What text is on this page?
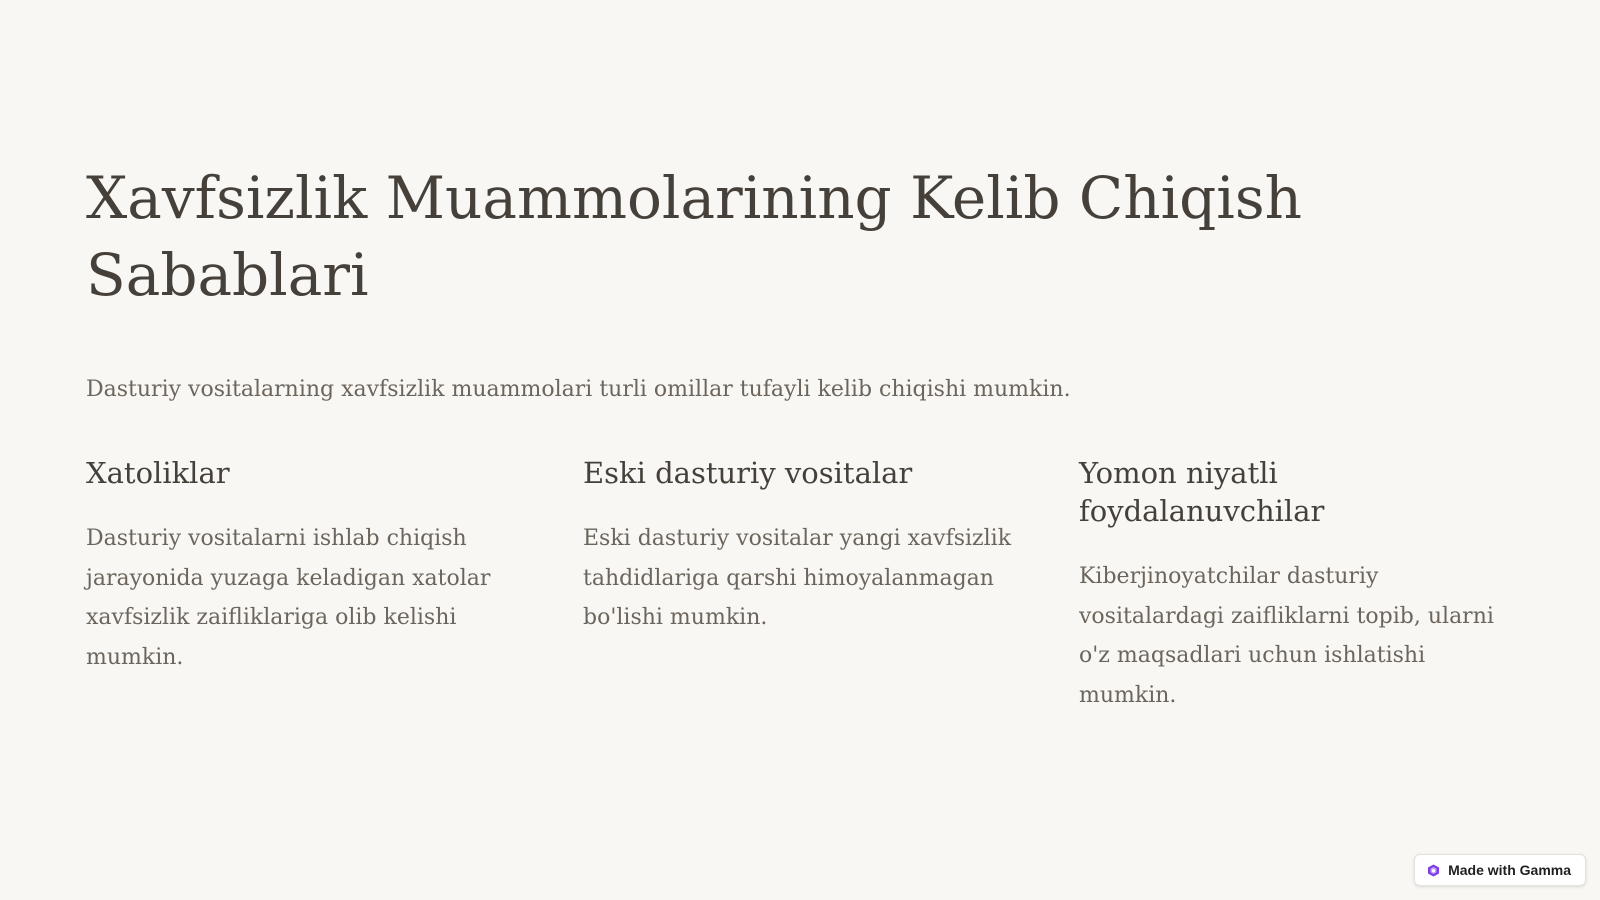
Xavfsizlik Muammolarining Kelib Chiqish Sabablari

Dasturiy vositalarning xavfsizlik muammolari turli omillar tufayli kelib chiqishi mumkin.

Xatoliklar

Dasturiy vositalarni ishlab chiqish jarayonida yuzaga keladigan xatolar xavfsizlik zaifliklariga olib kelishi mumkin.

Eski dasturiy vositalar

Eski dasturiy vositalar yangi xavfsizlik tahdidlariga qarshi himoyalanmagan bo'lishi mumkin.

Yomon niyatli foydalanuvchilar

Kiberjinoyatchilar dasturiy vositalardagi zaifliklarni topib, ularni o'z maqsadlari uchun ishlatishi mumkin.

Made with Gamma
